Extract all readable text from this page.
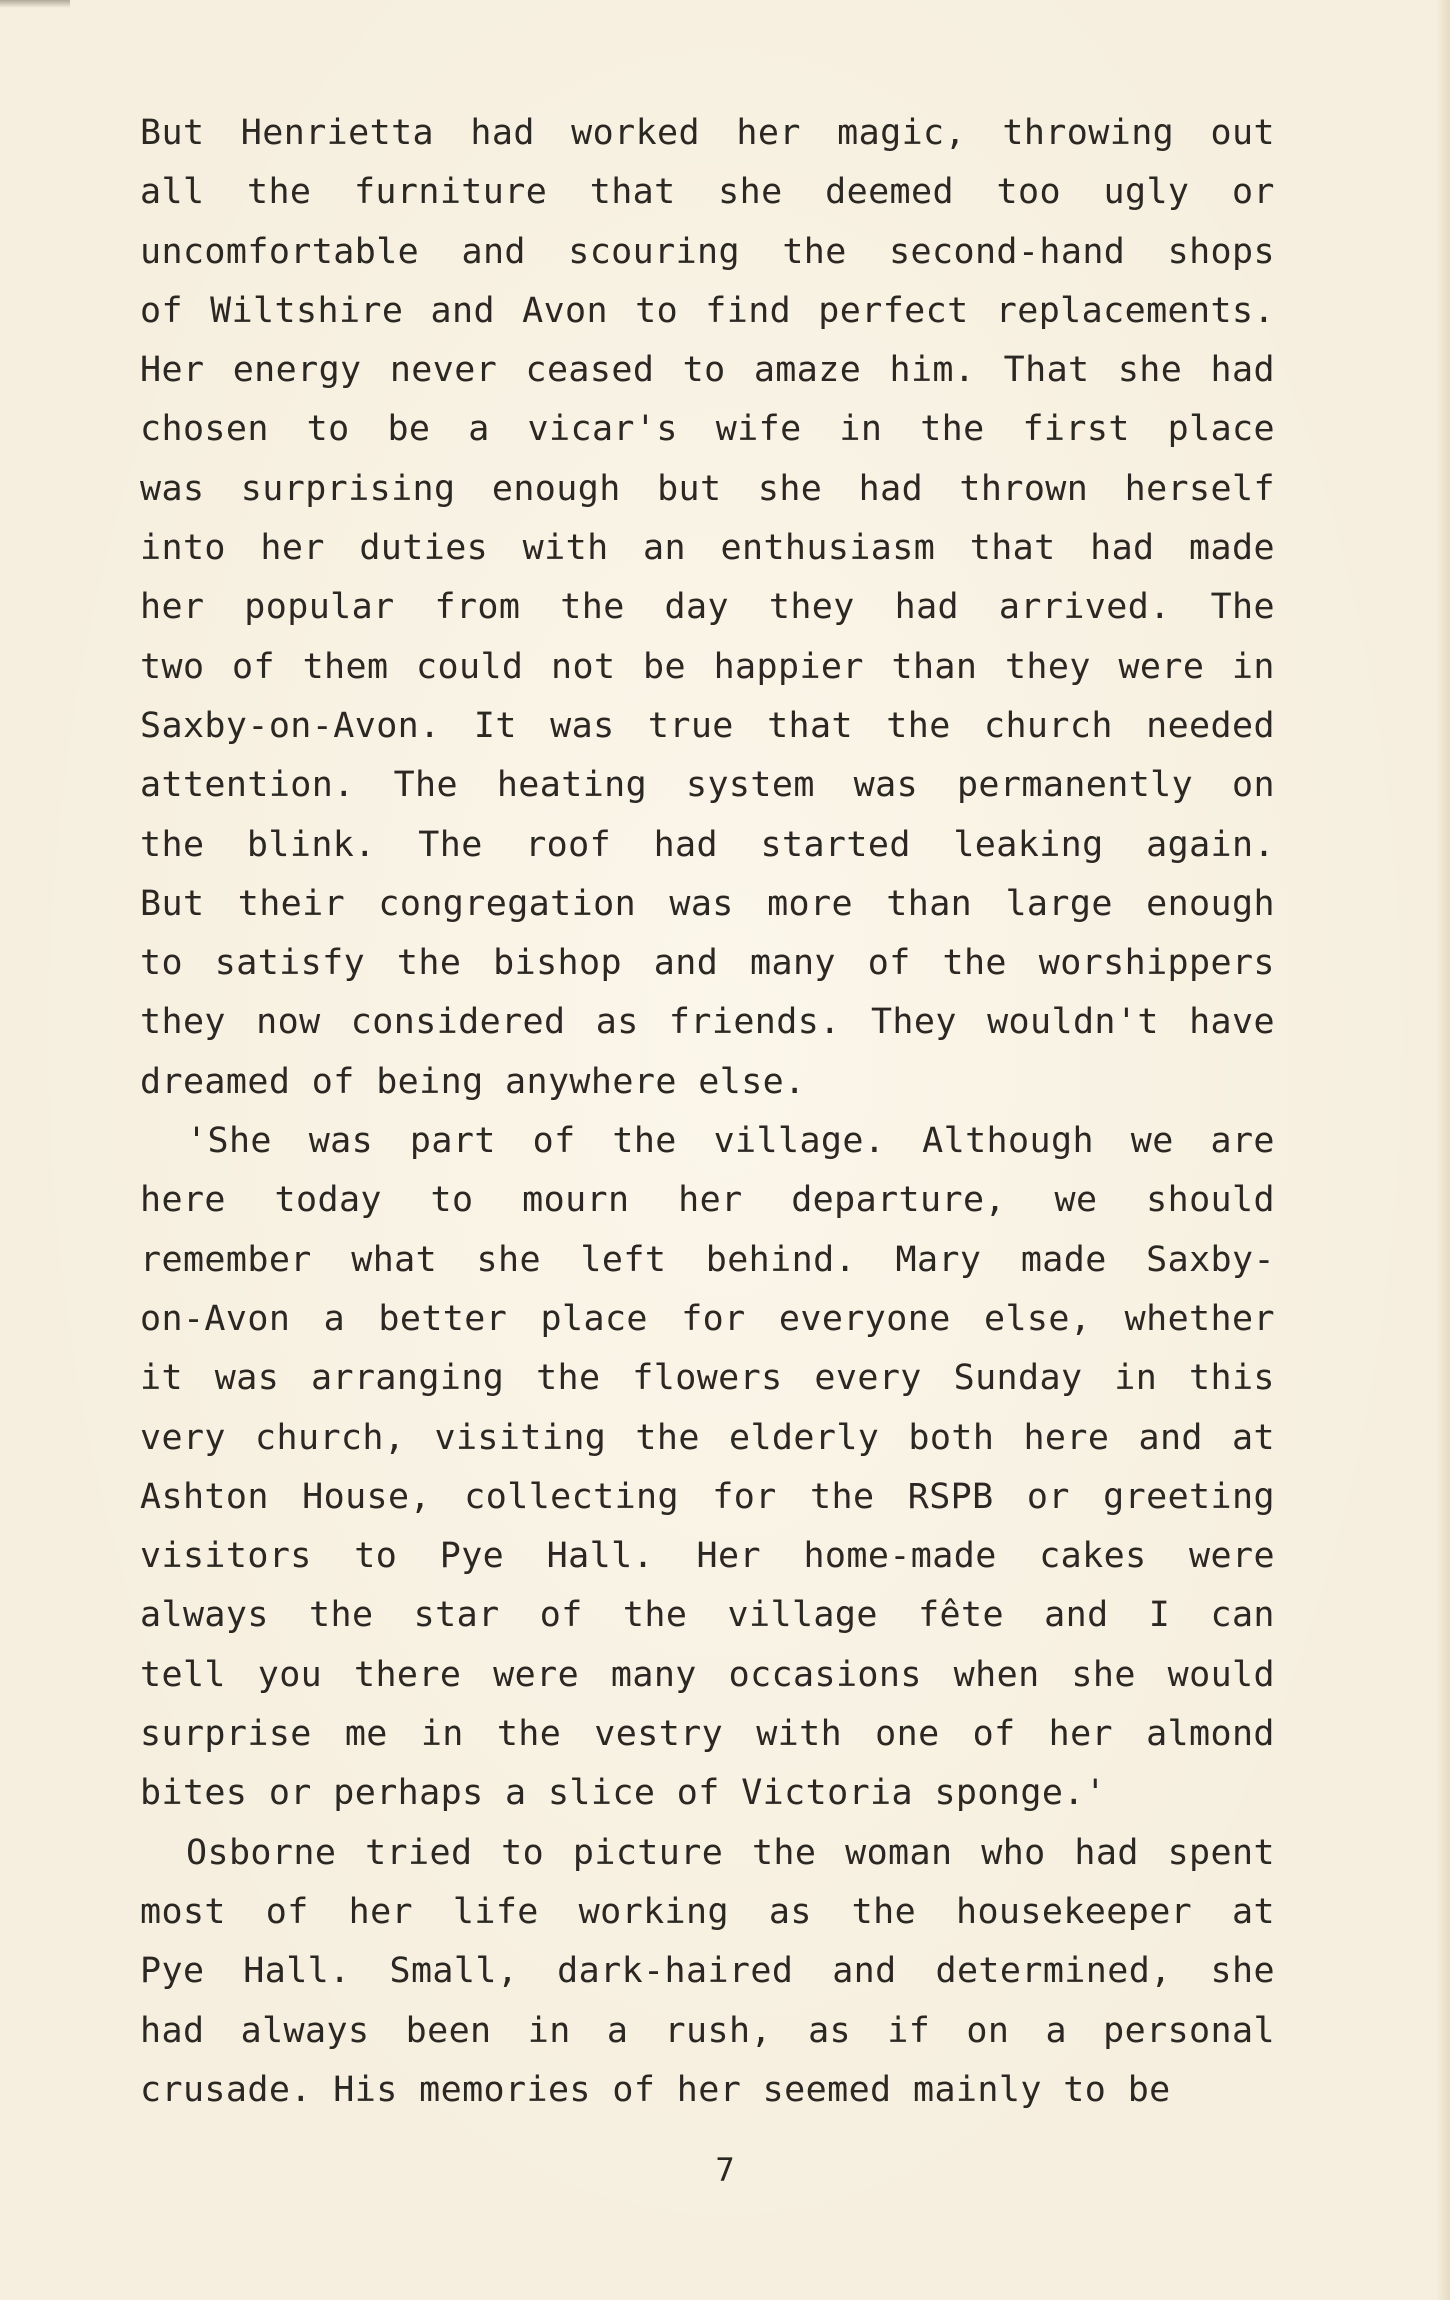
But Henrietta had worked her magic, throwing out
all the furniture that she deemed too ugly or
uncomfortable and scouring the second-hand shops
of Wiltshire and Avon to find perfect replacements.
Her energy never ceased to amaze him. That she had
chosen to be a vicar's wife in the first place
was surprising enough but she had thrown herself
into her duties with an enthusiasm that had made
her popular from the day they had arrived. The
two of them could not be happier than they were in
Saxby-on-Avon. It was true that the church needed
attention. The heating system was permanently on
the blink. The roof had started leaking again.
But their congregation was more than large enough
to satisfy the bishop and many of the worshippers
they now considered as friends. They wouldn't have
dreamed of being anywhere else.
'She was part of the village. Although we are
here today to mourn her departure, we should
remember what she left behind. Mary made Saxby-
on-Avon a better place for everyone else, whether
it was arranging the flowers every Sunday in this
very church, visiting the elderly both here and at
Ashton House, collecting for the RSPB or greeting
visitors to Pye Hall. Her home-made cakes were
always the star of the village fête and I can
tell you there were many occasions when she would
surprise me in the vestry with one of her almond
bites or perhaps a slice of Victoria sponge.'
Osborne tried to picture the woman who had spent
most of her life working as the housekeeper at
Pye Hall. Small, dark-haired and determined, she
had always been in a rush, as if on a personal
crusade. His memories of her seemed mainly to be
7
